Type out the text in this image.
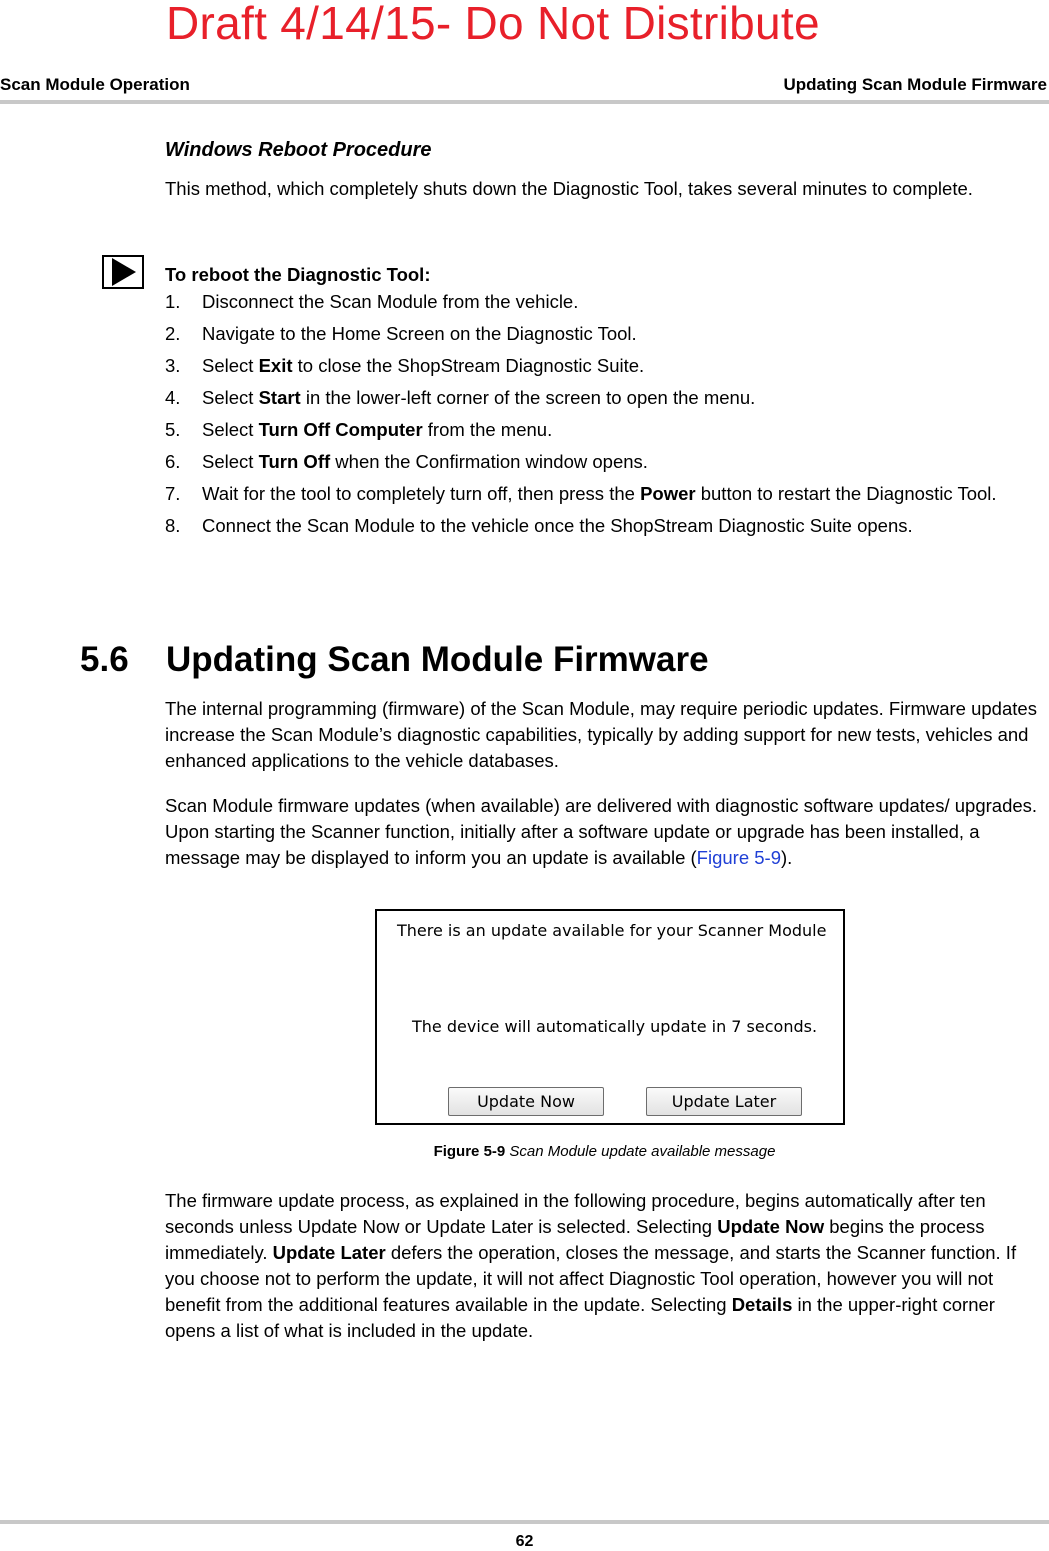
Draft 4/14/15- Do Not Distribute
Scan Module Operation	Updating Scan Module Firmware
Windows Reboot Procedure
This method, which completely shuts down the Diagnostic Tool, takes several minutes to complete.
To reboot the Diagnostic Tool:
1.	Disconnect the Scan Module from the vehicle.
2.	Navigate to the Home Screen on the Diagnostic Tool.
3.	Select Exit to close the ShopStream Diagnostic Suite.
4.	Select Start in the lower-left corner of the screen to open the menu.
5.	Select Turn Off Computer from the menu.
6.	Select Turn Off when the Confirmation window opens.
7.	Wait for the tool to completely turn off, then press the Power button to restart the Diagnostic Tool.
8.	Connect the Scan Module to the vehicle once the ShopStream Diagnostic Suite opens.
5.6 Updating Scan Module Firmware
The internal programming (firmware) of the Scan Module, may require periodic updates. Firmware updates increase the Scan Module’s diagnostic capabilities, typically by adding support for new tests, vehicles and enhanced applications to the vehicle databases.
Scan Module firmware updates (when available) are delivered with diagnostic software updates/ upgrades. Upon starting the Scanner function, initially after a software update or upgrade has been installed, a message may be displayed to inform you an update is available (Figure 5-9).
There is an update available for your Scanner Module
The device will automatically update in 7 seconds.
Update Now	Update Later
Figure 5-9 Scan Module update available message
The firmware update process, as explained in the following procedure, begins automatically after ten seconds unless Update Now or Update Later is selected. Selecting Update Now begins the process immediately. Update Later defers the operation, closes the message, and starts the Scanner function. If you choose not to perform the update, it will not affect Diagnostic Tool operation, however you will not benefit from the additional features available in the update. Selecting Details in the upper-right corner opens a list of what is included in the update.
62
